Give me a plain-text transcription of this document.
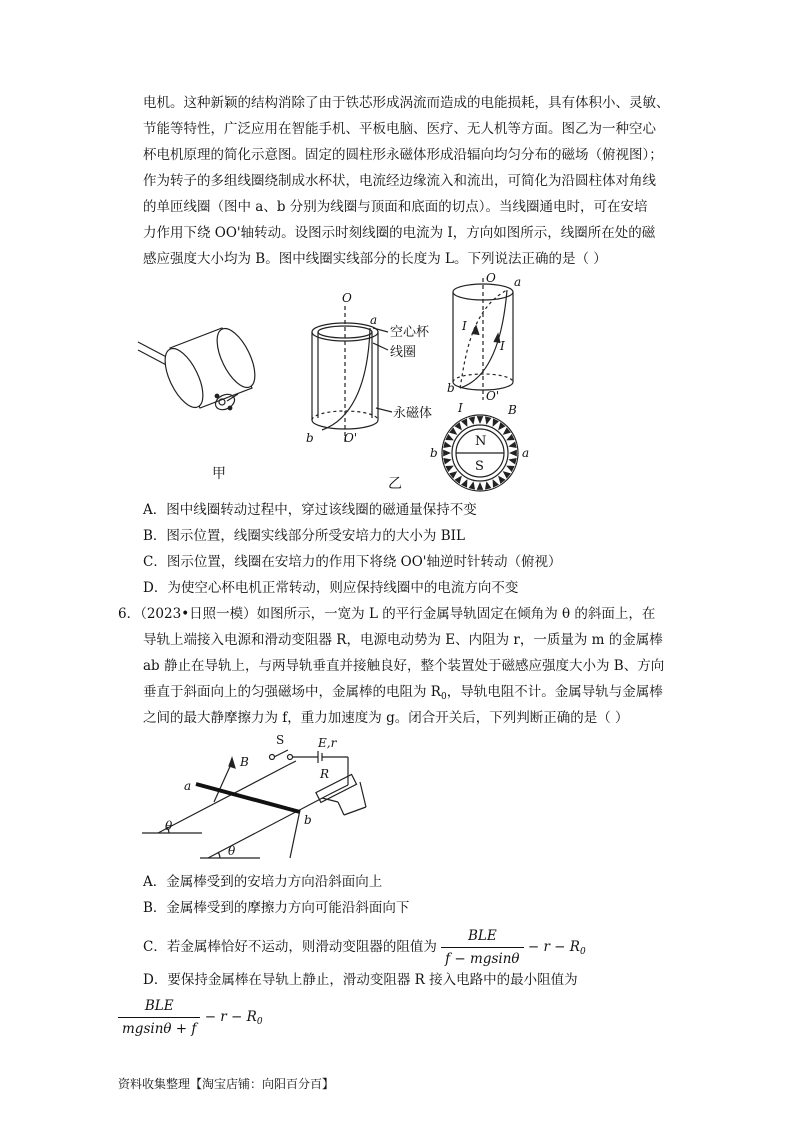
电机。这种新颖的结构消除了由于铁芯形成涡流而造成的电能损耗，具有体积小、灵敏、
节能等特性，广泛应用在智能手机、平板电脑、医疗、无人机等方面。图乙为一种空心
杯电机原理的简化示意图。固定的圆柱形永磁体形成沿辐向均匀分布的磁场（俯视图）；
作为转子的多组线圈绕制成水杯状，电流经边缘流入和流出，可简化为沿圆柱体对角线
的单匝线圈（图中 a、b 分别为线圈与顶面和底面的切点）。当线圈通电时，可在安培
力作用下绕 OO'轴转动。设图示时刻线圈的电流为 I，方向如图所示，线圈所在处的磁
感应强度大小均为 B。图中线圈实线部分的长度为 L。下列说法正确的是（ ）
甲
O
a
空心杯
线圈
永磁体
b	O'
乙
O a
I
I
b
O'
I	B
N
S
b	a
A．图中线圈转动过程中，穿过该线圈的磁通量保持不变
B．图示位置，线圈实线部分所受安培力的大小为 BIL
C．图示位置，线圈在安培力的作用下将绕 OO'轴逆时针转动（俯视）
D．为使空心杯电机正常转动，则应保持线圈中的电流方向不变
6．（2023•日照一模）如图所示，一宽为 L 的平行金属导轨固定在倾角为 θ 的斜面上，在
导轨上端接入电源和滑动变阻器 R，电源电动势为 E、内阻为 r，一质量为 m 的金属棒
ab 静止在导轨上，与两导轨垂直并接触良好，整个装置处于磁感应强度大小为 B、方向
垂直于斜面向上的匀强磁场中，金属棒的电阻为 $R_0$，导轨电阻不计。金属导轨与金属棒
之间的最大静摩擦力为 f，重力加速度为 g。闭合开关后，下列判断正确的是（ ）
B
S	E,r
R
a
b
θ
θ
A．金属棒受到的安培力方向沿斜面向上
B．金属棒受到的摩擦力方向可能沿斜面向下
C．若金属棒恰好不运动，则滑动变阻器的阻值为 $\frac{\text{BLE}}{f - mgsin\theta} - r - R_0$
D．要保持金属棒在导轨上静止，滑动变阻器 R 接入电路中的最小阻值为
$\frac{\text{BLE}}{mgsin\theta + f} - r - R_0$
资料收集整理【淘宝店铺：向阳百分百】
